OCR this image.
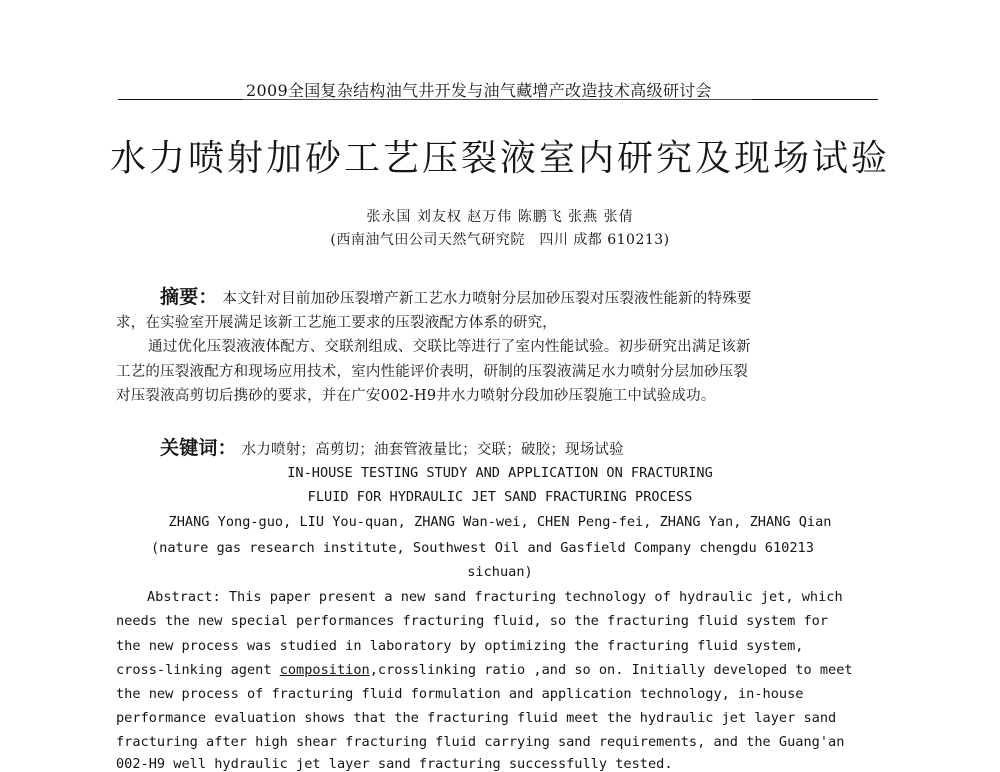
2009全国复杂结构油气井开发与油气藏增产改造技术高级研讨会
水力喷射加砂工艺压裂液室内研究及现场试验
张永国 刘友权 赵万伟 陈鹏飞 张燕 张倩
(西南油气田公司天然气研究院　四川 成都 610213)
摘要： 本文针对目前加砂压裂增产新工艺水力喷射分层加砂压裂对压裂液性能新的特殊要
求，在实验室开展满足该新工艺施工要求的压裂液配方体系的研究，
通过优化压裂液液体配方、交联剂组成、交联比等进行了室内性能试验。初步研究出满足该新
工艺的压裂液配方和现场应用技术，室内性能评价表明，研制的压裂液满足水力喷射分层加砂压裂
对压裂液高剪切后携砂的要求，并在广安002-H9井水力喷射分段加砂压裂施工中试验成功。
关键词： 水力喷射；高剪切；油套管液量比；交联；破胶；现场试验
IN-HOUSE TESTING STUDY AND APPLICATION ON FRACTURING
FLUID FOR HYDRAULIC JET SAND FRACTURING PROCESS
ZHANG Yong-guo, LIU You-quan, ZHANG Wan-wei, CHEN Peng-fei, ZHANG Yan, ZHANG Qian
(nature gas research institute, Southwest Oil and Gasfield Company chengdu 610213
sichuan)
Abstract: This paper present a new sand fracturing technology of hydraulic jet, which
needs the new special performances fracturing fluid, so the fracturing fluid system for
the new process was studied in laboratory by optimizing the fracturing fluid system,
cross-linking agent composition,crosslinking ratio ,and so on. Initially developed to meet
the new process of fracturing fluid formulation and application technology, in-house
performance evaluation shows that the fracturing fluid meet the hydraulic jet layer sand
fracturing after high shear fracturing fluid carrying sand requirements, and the Guang'an
002-H9 well hydraulic jet layer sand fracturing successfully tested.
